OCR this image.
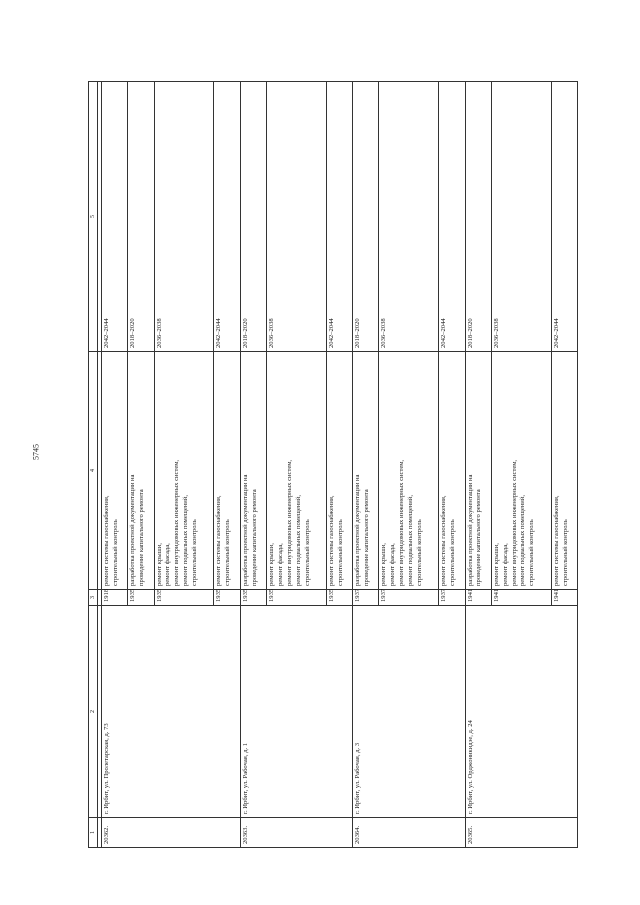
5745
1	2	3	4	5

20362.	г. Ирбит, ул. Пролетарская, д. 73	1918	ремонт системы газоснабжения,
строительный контроль	2042–2044
		1935	разработка проектной документации на
проведение капитального ремонта	2018–2020
		1935	ремонт крыши,
ремонт фасада,
ремонт внутридомовых инженерных систем,
ремонт подвальных помещений,
строительный контроль	2036–2038
		1935	ремонт системы газоснабжения,
строительный контроль	2042–2044
20363.	г. Ирбит, ул. Рабочая, д. 1	1935	разработка проектной документации на
проведение капитального ремонта	2018–2020
		1935	ремонт крыши,
ремонт фасада,
ремонт внутридомовых инженерных систем,
ремонт подвальных помещений,
строительный контроль	2036–2038
		1935	ремонт системы газоснабжения,
строительный контроль	2042–2044
20364.	г. Ирбит, ул. Рабочая, д. 3	1937	разработка проектной документации на
проведение капитального ремонта	2018–2020
		1937	ремонт крыши,
ремонт фасада,
ремонт внутридомовых инженерных систем,
ремонт подвальных помещений,
строительный контроль	2036–2038
		1937	ремонт системы газоснабжения,
строительный контроль	2042–2044
20365.	г. Ирбит, ул. Орджоникидзе, д. 24	1941	разработка проектной документации на
проведение капитального ремонта	2018–2020
		1941	ремонт крыши,
ремонт фасада,
ремонт внутридомовых инженерных систем,
ремонт подвальных помещений,
строительный контроль	2036–2038
		1941	ремонт системы газоснабжения,
строительный контроль	2042–2044
